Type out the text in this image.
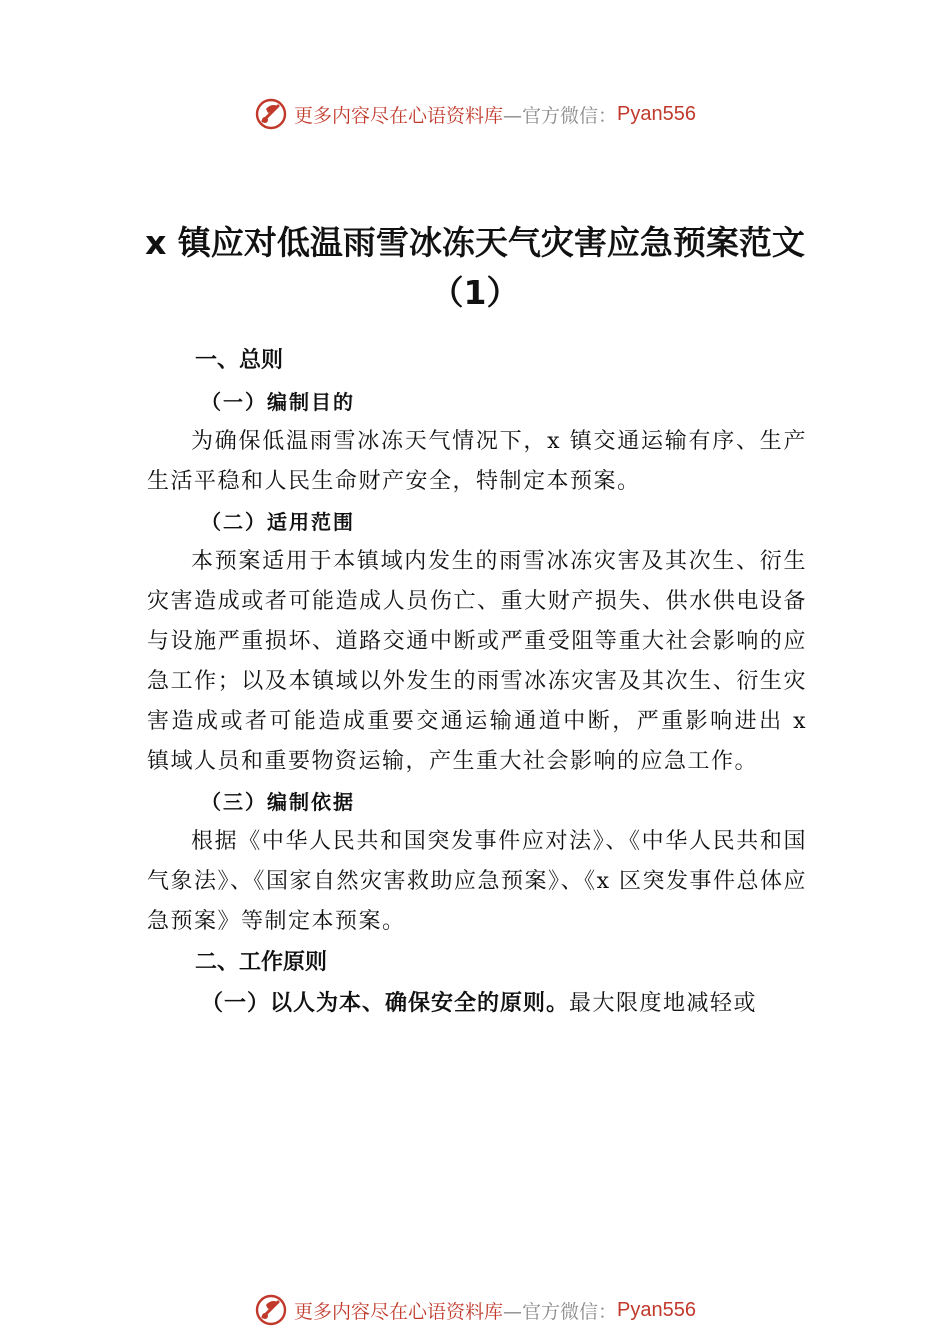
更多内容尽在心语资料库 —官方微信： Pyan556
x 镇应对低温雨雪冰冻天气灾害应急预案范文（1）
一、总则
（一）编制目的

为确保低温雨雪冰冻天气情况下，x 镇交通运输有序、生产生活平稳和人民生命财产安全，特制定本预案。

（二）适用范围

本预案适用于本镇域内发生的雨雪冰冻灾害及其次生、衍生灾害造成或者可能造成人员伤亡、重大财产损失、供水供电设备与设施严重损坏、道路交通中断或严重受阻等重大社会影响的应急工作；以及本镇域以外发生的雨雪冰冻灾害及其次生、衍生灾害造成或者可能造成重要交通运输通道中断，严重影响进出 x 镇域人员和重要物资运输，产生重大社会影响的应急工作。

（三）编制依据

根据《中华人民共和国突发事件应对法》、《中华人民共和国气象法》、《国家自然灾害救助应急预案》、《x 区突发事件总体应急预案》等制定本预案。

二、工作原则

（一）以人为本、确保安全的原则。最大限度地减轻或

更多内容尽在心语资料库 —官方微信： Pyan556
